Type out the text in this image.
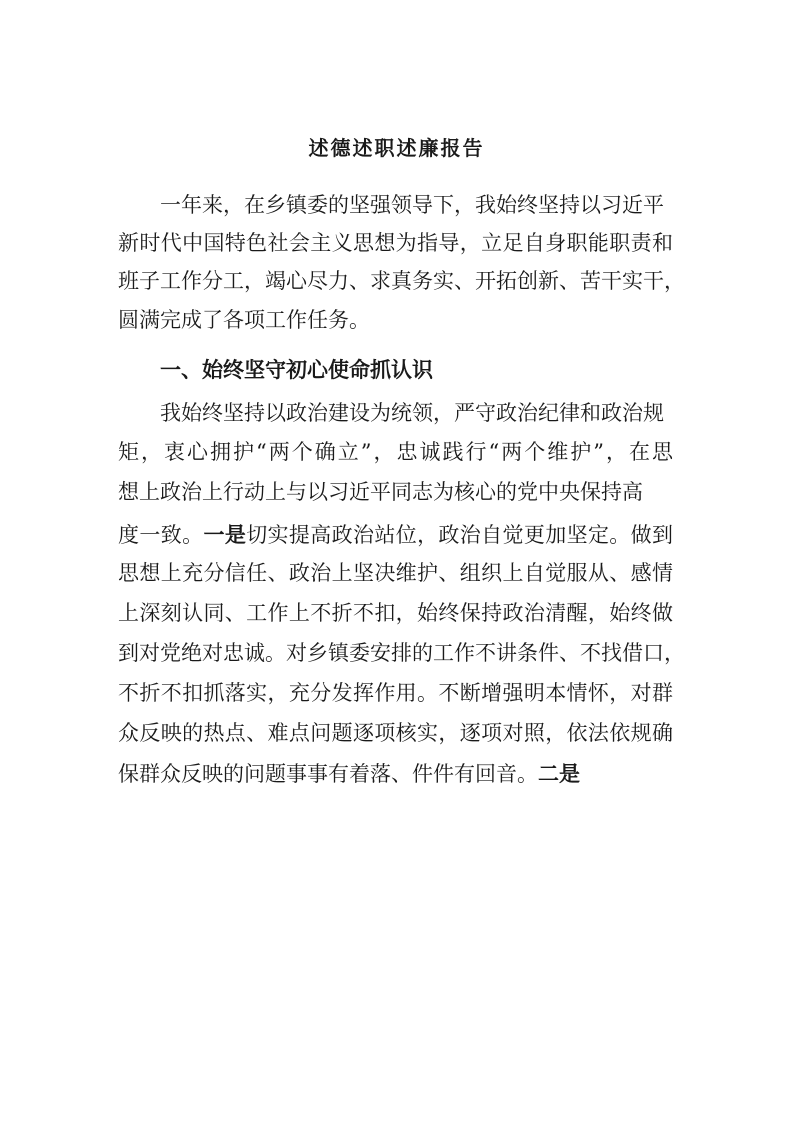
述德述职述廉报告
一年来，在乡镇委的坚强领导下，我始终坚持以习近平
新时代中国特色社会主义思想为指导，立足自身职能职责和
班子工作分工，竭心尽力、求真务实、开拓创新、苦干实干，
圆满完成了各项工作任务。
一、始终坚守初心使命抓认识
我始终坚持以政治建设为统领，严守政治纪律和政治规
矩，衷心拥护“两个确立”，忠诚践行“两个维护”，在思
想上政治上行动上与以习近平同志为核心的党中央保持高
度一致。一是切实提高政治站位，政治自觉更加坚定。做到
思想上充分信任、政治上坚决维护、组织上自觉服从、感情
上深刻认同、工作上不折不扣，始终保持政治清醒，始终做
到对党绝对忠诚。对乡镇委安排的工作不讲条件、不找借口，
不折不扣抓落实，充分发挥作用。不断增强明本情怀，对群
众反映的热点、难点问题逐项核实，逐项对照，依法依规确
保群众反映的问题事事有着落、件件有回音。二是
